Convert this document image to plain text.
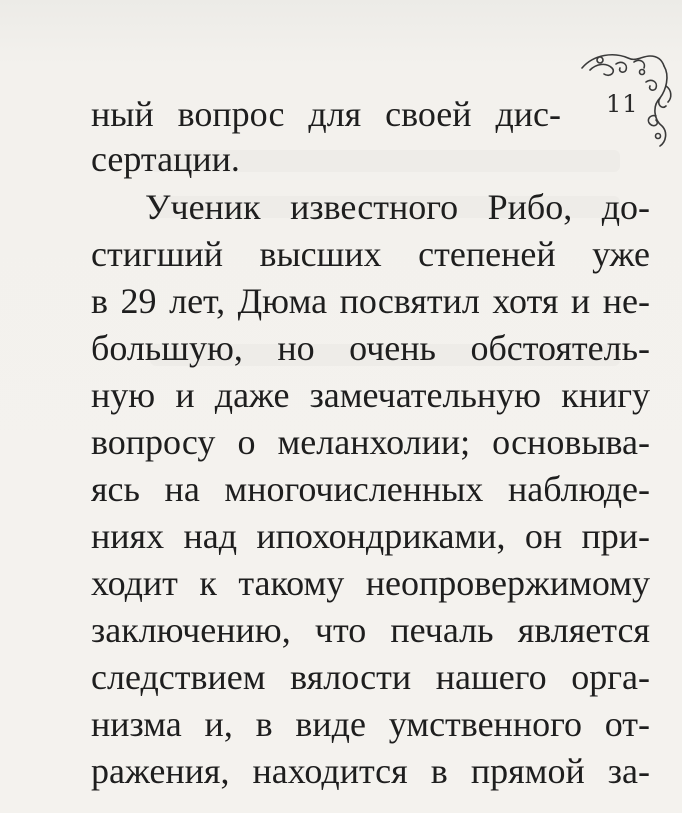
11
ный вопрос для своей дис-
сертации.
Ученик известного Рибо, до-
стигший высших степеней уже
в 29 лет, Дюма посвятил хотя и не-
большую, но очень обстоятель-
ную и даже замечательную книгу
вопросу о меланхолии; основыва-
ясь на многочисленных наблюде-
ниях над ипохондриками, он при-
ходит к такому неопровержимому
заключению, что печаль является
следствием вялости нашего орга-
низма и, в виде умственного от-
ражения, находится в прямой за-
